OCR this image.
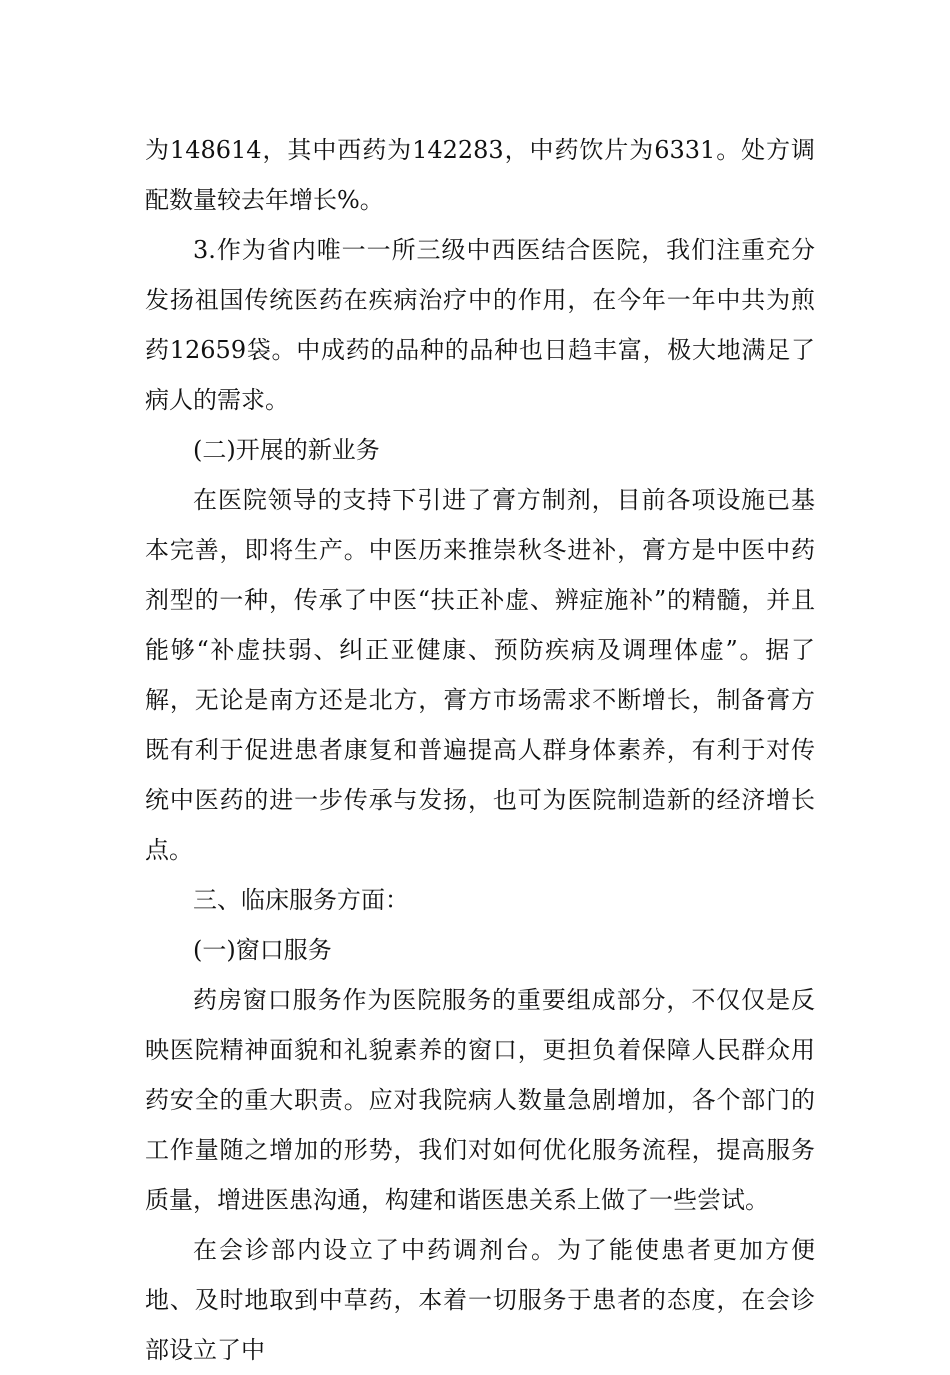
为148614，其中西药为142283，中药饮片为6331。处方调配数量较去年增长%。

3.作为省内唯一一所三级中西医结合医院，我们注重充分发扬祖国传统医药在疾病治疗中的作用，在今年一年中共为煎药12659袋。中成药的品种的品种也日趋丰富，极大地满足了病人的需求。

(二)开展的新业务

在医院领导的支持下引进了膏方制剂，目前各项设施已基本完善，即将生产。中医历来推崇秋冬进补，膏方是中医中药剂型的一种，传承了中医“扶正补虚、辨症施补”的精髓，并且能够“补虚扶弱、纠正亚健康、预防疾病及调理体虚”。据了解，无论是南方还是北方，膏方市场需求不断增长，制备膏方既有利于促进患者康复和普遍提高人群身体素养，有利于对传统中医药的进一步传承与发扬，也可为医院制造新的经济增长点。

三、临床服务方面：

(一)窗口服务

药房窗口服务作为医院服务的重要组成部分，不仅仅是反映医院精神面貌和礼貌素养的窗口，更担负着保障人民群众用药安全的重大职责。应对我院病人数量急剧增加，各个部门的工作量随之增加的形势，我们对如何优化服务流程，提高服务质量，增进医患沟通，构建和谐医患关系上做了一些尝试。

在会诊部内设立了中药调剂台。为了能使患者更加方便地、及时地取到中草药，本着一切服务于患者的态度，在会诊部设立了中
